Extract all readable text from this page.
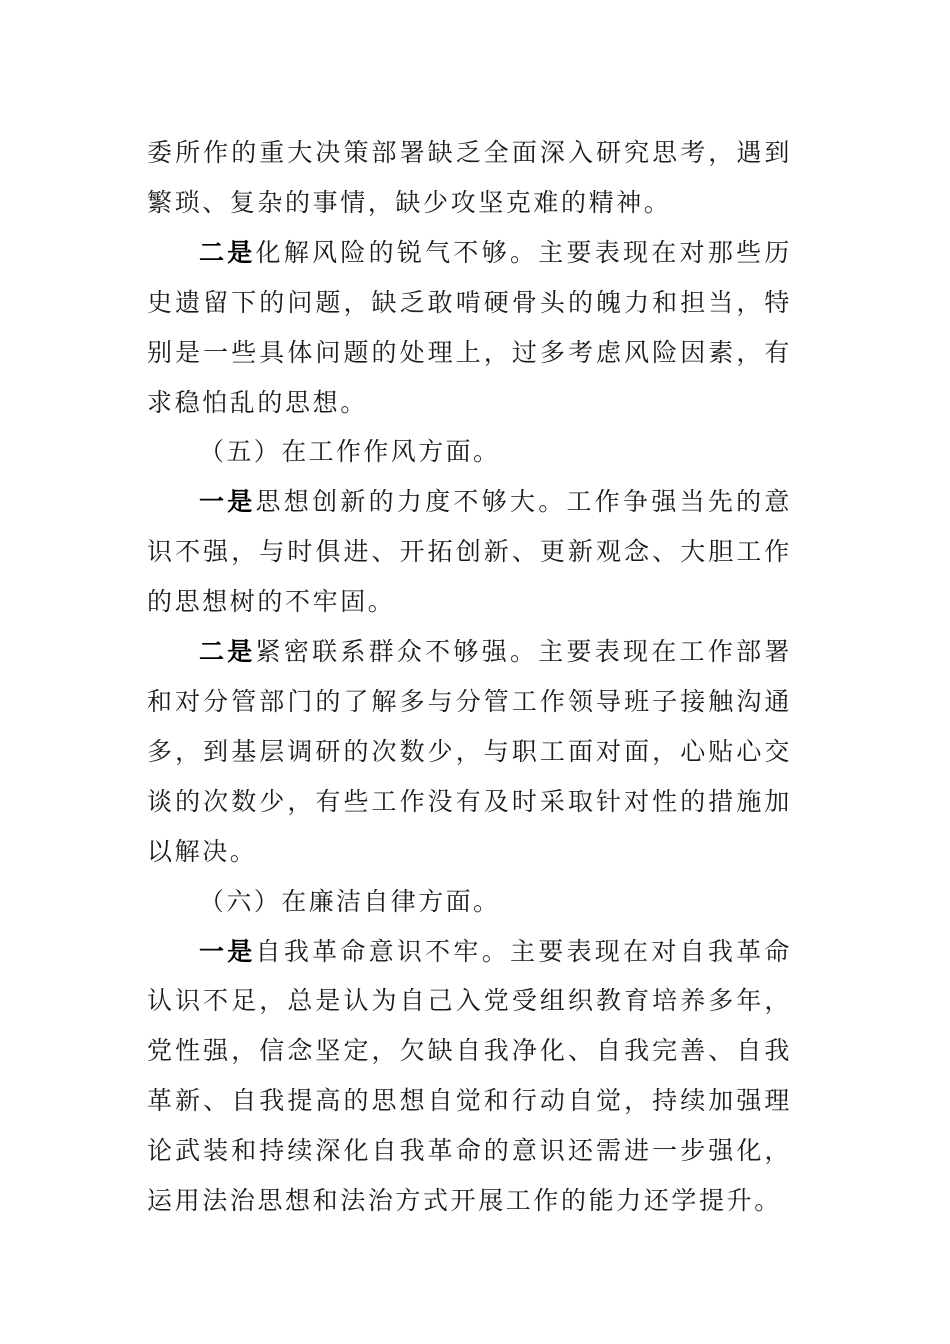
委所作的重大决策部署缺乏全面深入研究思考，遇到繁琐、复杂的事情，缺少攻坚克难的精神。

二是化解风险的锐气不够。主要表现在对那些历史遗留下的问题，缺乏敢啃硬骨头的魄力和担当，特别是一些具体问题的处理上，过多考虑风险因素，有求稳怕乱的思想。

（五）在工作作风方面。

一是思想创新的力度不够大。工作争强当先的意识不强，与时俱进、开拓创新、更新观念、大胆工作的思想树的不牢固。

二是紧密联系群众不够强。主要表现在工作部署和对分管部门的了解多与分管工作领导班子接触沟通多，到基层调研的次数少，与职工面对面，心贴心交谈的次数少，有些工作没有及时采取针对性的措施加以解决。

（六）在廉洁自律方面。

一是自我革命意识不牢。主要表现在对自我革命认识不足，总是认为自己入党受组织教育培养多年，党性强，信念坚定，欠缺自我净化、自我完善、自我革新、自我提高的思想自觉和行动自觉，持续加强理论武装和持续深化自我革命的意识还需进一步强化，运用法治思想和法治方式开展工作的能力还学提升。
